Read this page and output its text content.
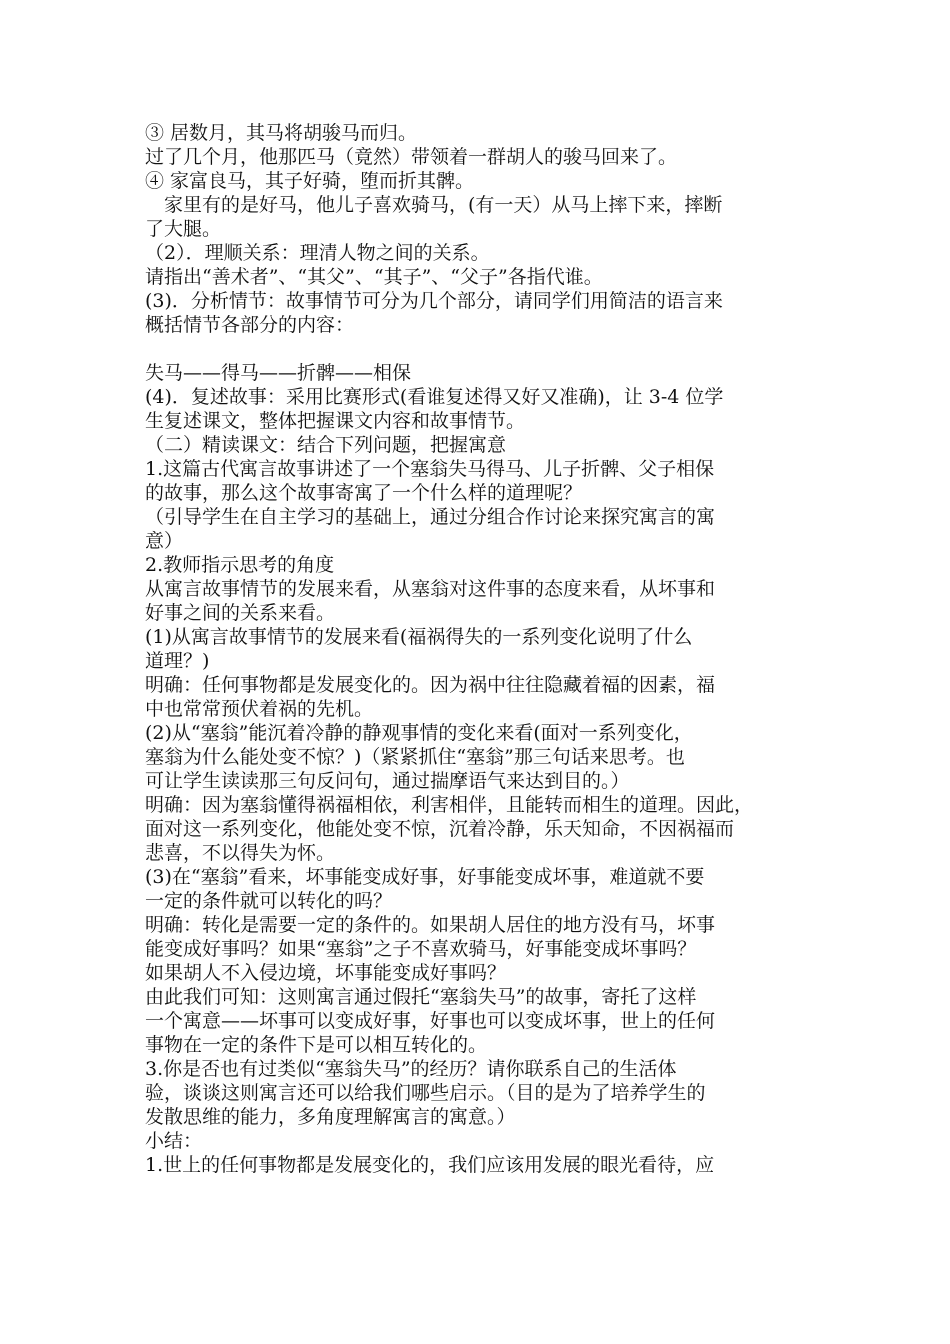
③ 居数月，其马将胡骏马而归。
过了几个月，他那匹马（竟然）带领着一群胡人的骏马回来了。
④ 家富良马，其子好骑，堕而折其髀。
　家里有的是好马，他儿子喜欢骑马，(有一天）从马上摔下来，摔断
了大腿。
（2）．理顺关系：理清人物之间的关系。
请指出“善术者”、“其父”、“其子”、“父子”各指代谁。
(3)．分析情节：故事情节可分为几个部分，请同学们用简洁的语言来
概括情节各部分的内容：
失马——得马——折髀——相保
(4)．复述故事：采用比赛形式(看谁复述得又好又准确)，让 3-4 位学
生复述课文，整体把握课文内容和故事情节。
（二）精读课文：结合下列问题，把握寓意
1.这篇古代寓言故事讲述了一个塞翁失马得马、儿子折髀、父子相保
的故事，那么这个故事寄寓了一个什么样的道理呢？
（引导学生在自主学习的基础上，通过分组合作讨论来探究寓言的寓
意）
2.教师指示思考的角度
从寓言故事情节的发展来看，从塞翁对这件事的态度来看，从坏事和
好事之间的关系来看。
(1)从寓言故事情节的发展来看(福祸得失的一系列变化说明了什么
道理？)
明确：任何事物都是发展变化的。因为祸中往往隐藏着福的因素，福
中也常常预伏着祸的先机。
(2)从“塞翁”能沉着冷静的静观事情的变化来看(面对一系列变化，
塞翁为什么能处变不惊？)（紧紧抓住“塞翁”那三句话来思考。也
可让学生读读那三句反问句，通过揣摩语气来达到目的。）
明确：因为塞翁懂得祸福相依，利害相伴，且能转而相生的道理。因此，
面对这一系列变化，他能处变不惊，沉着冷静，乐天知命，不因祸福而
悲喜，不以得失为怀。
(3)在“塞翁”看来，坏事能变成好事，好事能变成坏事，难道就不要
一定的条件就可以转化的吗？
明确：转化是需要一定的条件的。如果胡人居住的地方没有马，坏事
能变成好事吗？如果“塞翁”之子不喜欢骑马，好事能变成坏事吗？
如果胡人不入侵边境，坏事能变成好事吗？
由此我们可知：这则寓言通过假托“塞翁失马”的故事，寄托了这样
一个寓意——坏事可以变成好事，好事也可以变成坏事，世上的任何
事物在一定的条件下是可以相互转化的。
3.你是否也有过类似“塞翁失马”的经历？请你联系自己的生活体
验，谈谈这则寓言还可以给我们哪些启示。（目的是为了培养学生的
发散思维的能力，多角度理解寓言的寓意。）
小结：
1.世上的任何事物都是发展变化的，我们应该用发展的眼光看待，应
